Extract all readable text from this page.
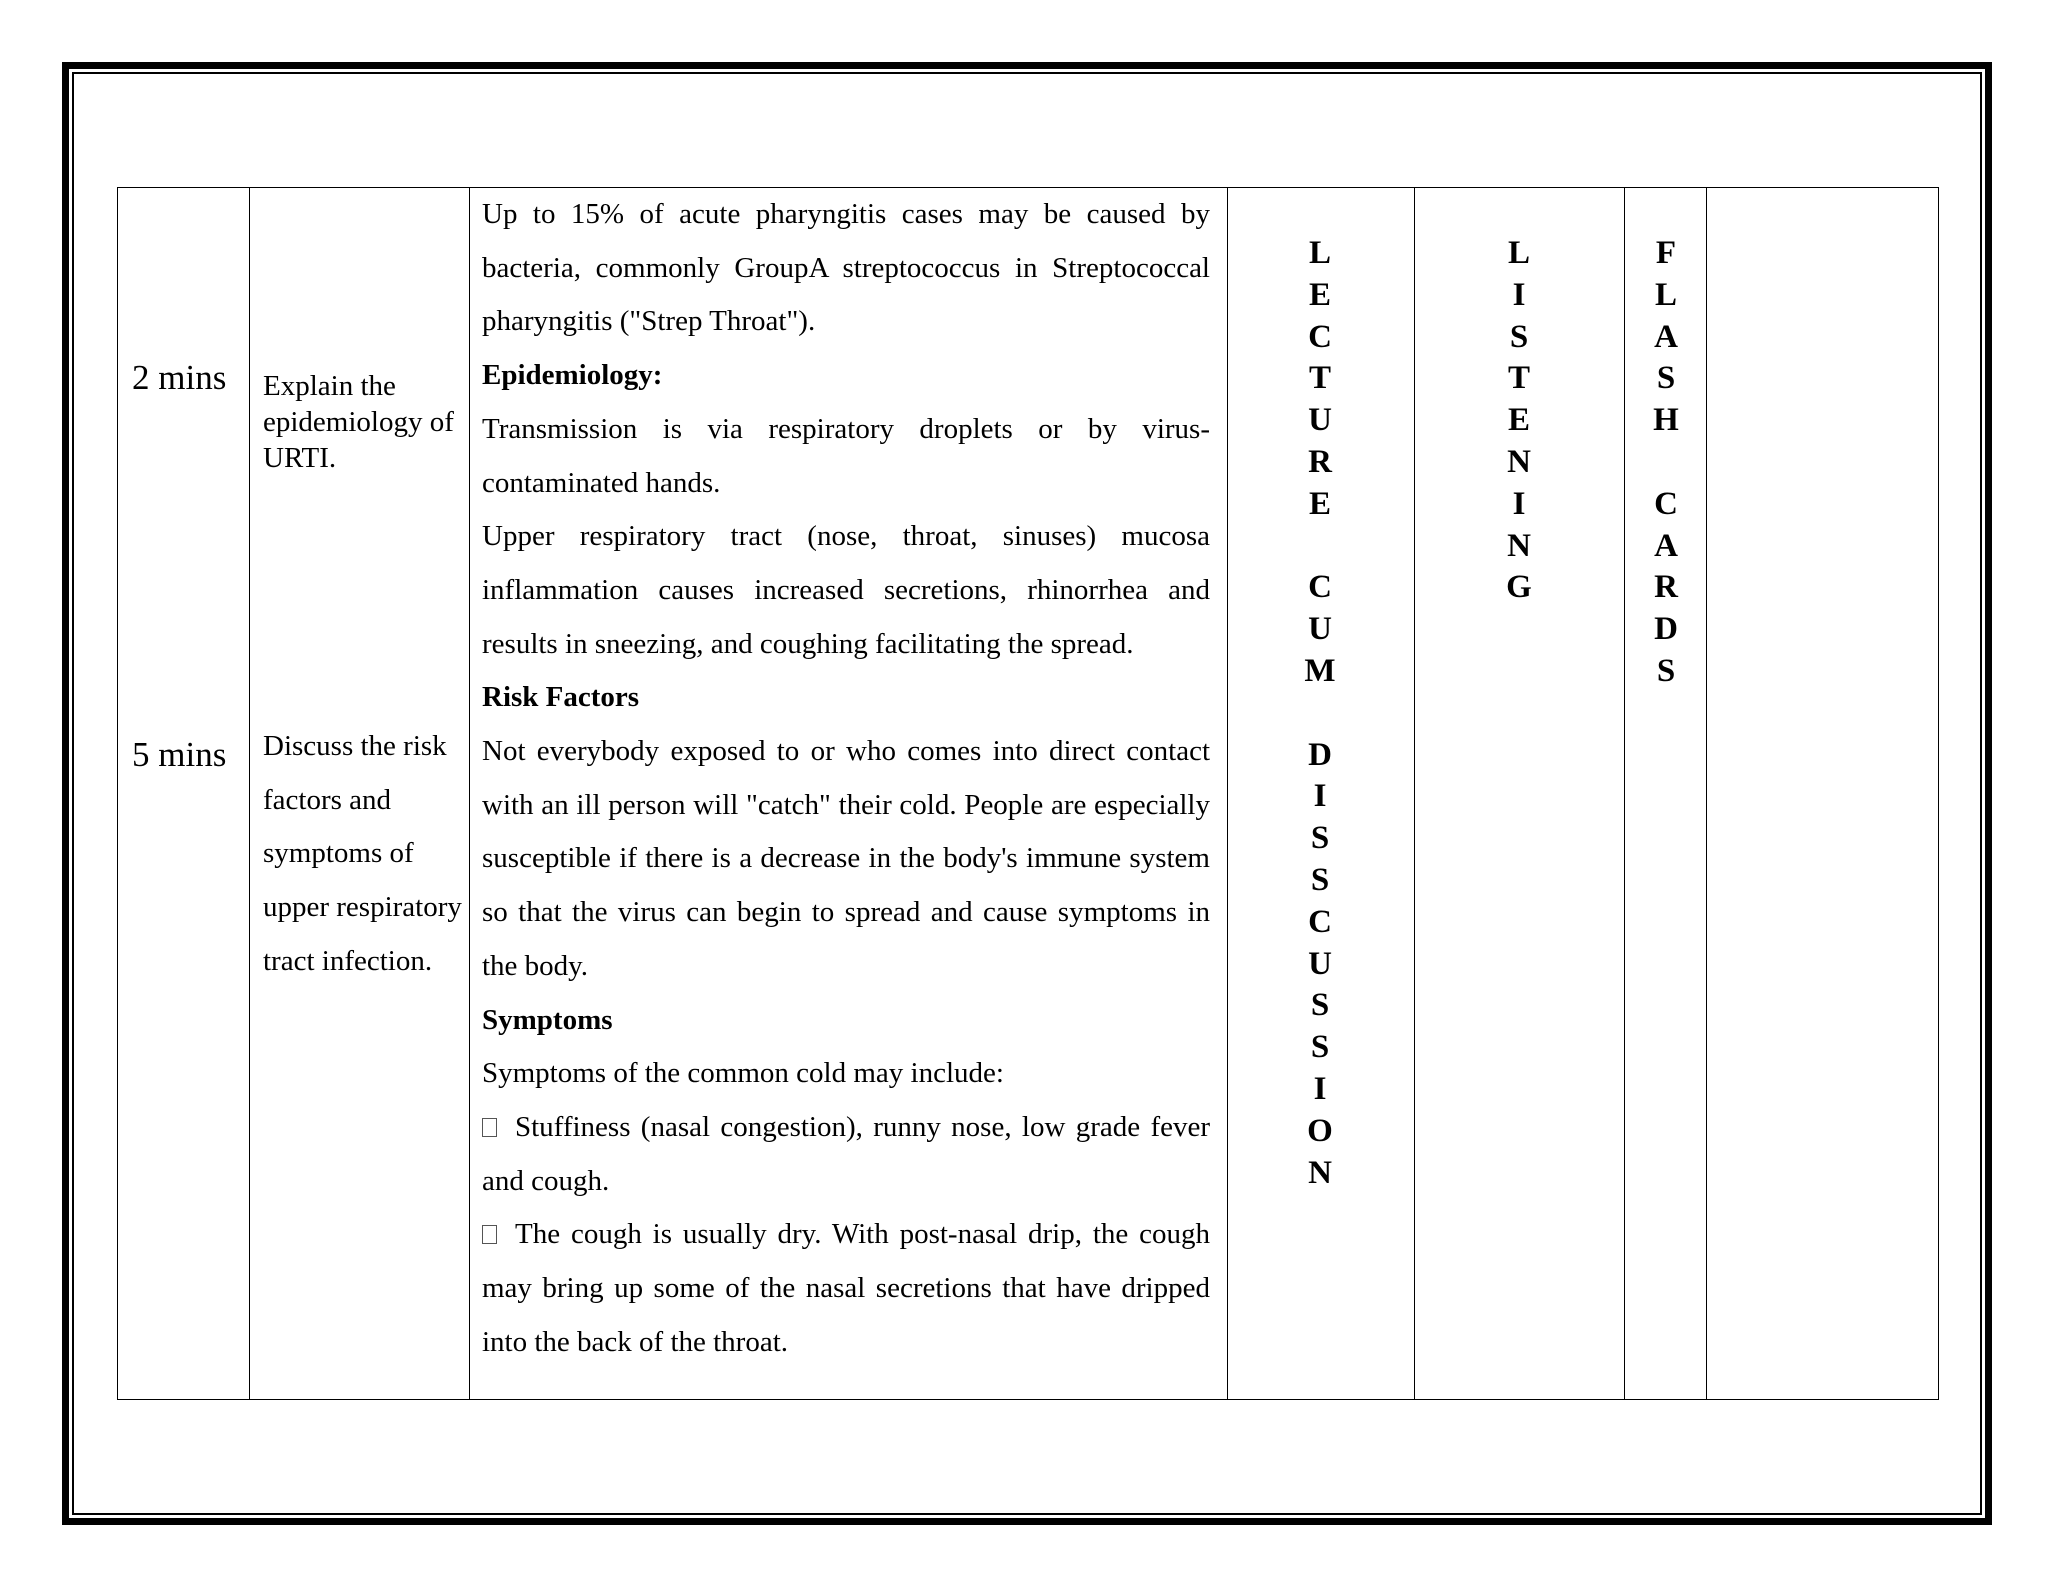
2 mins
5 mins
Explain the epidemiology of URTI.
Discuss the risk factors and symptoms of upper respiratory tract infection.

Up to 15% of acute pharyngitis cases may be caused by bacteria, commonly GroupA streptococcus in Streptococcal pharyngitis ("Strep Throat").

Epidemiology:

Transmission is via respiratory droplets or by virus-contaminated hands.

Upper respiratory tract (nose, throat, sinuses) mucosa inflammation causes increased secretions, rhinorrhea and results in sneezing, and coughing facilitating the spread.

Risk Factors

Not everybody exposed to or who comes into direct contact with an ill person will "catch" their cold. People are especially susceptible if there is a decrease in the body's immune system so that the virus can begin to spread and cause symptoms in the body.

Symptoms

Symptoms of the common cold may include:

Stuffiness (nasal congestion), runny nose, low grade fever and cough.

The cough is usually dry. With post-nasal drip, the cough may bring up some of the nasal secretions that have dripped into the back of the throat.

L
E
C
T
U
R
E

C
U
M

D
I
S
S
C
U
S
S
I
O
N
L
I
S
T
E
N
I
N
G
F
L
A
S
H

C
A
R
D
S
